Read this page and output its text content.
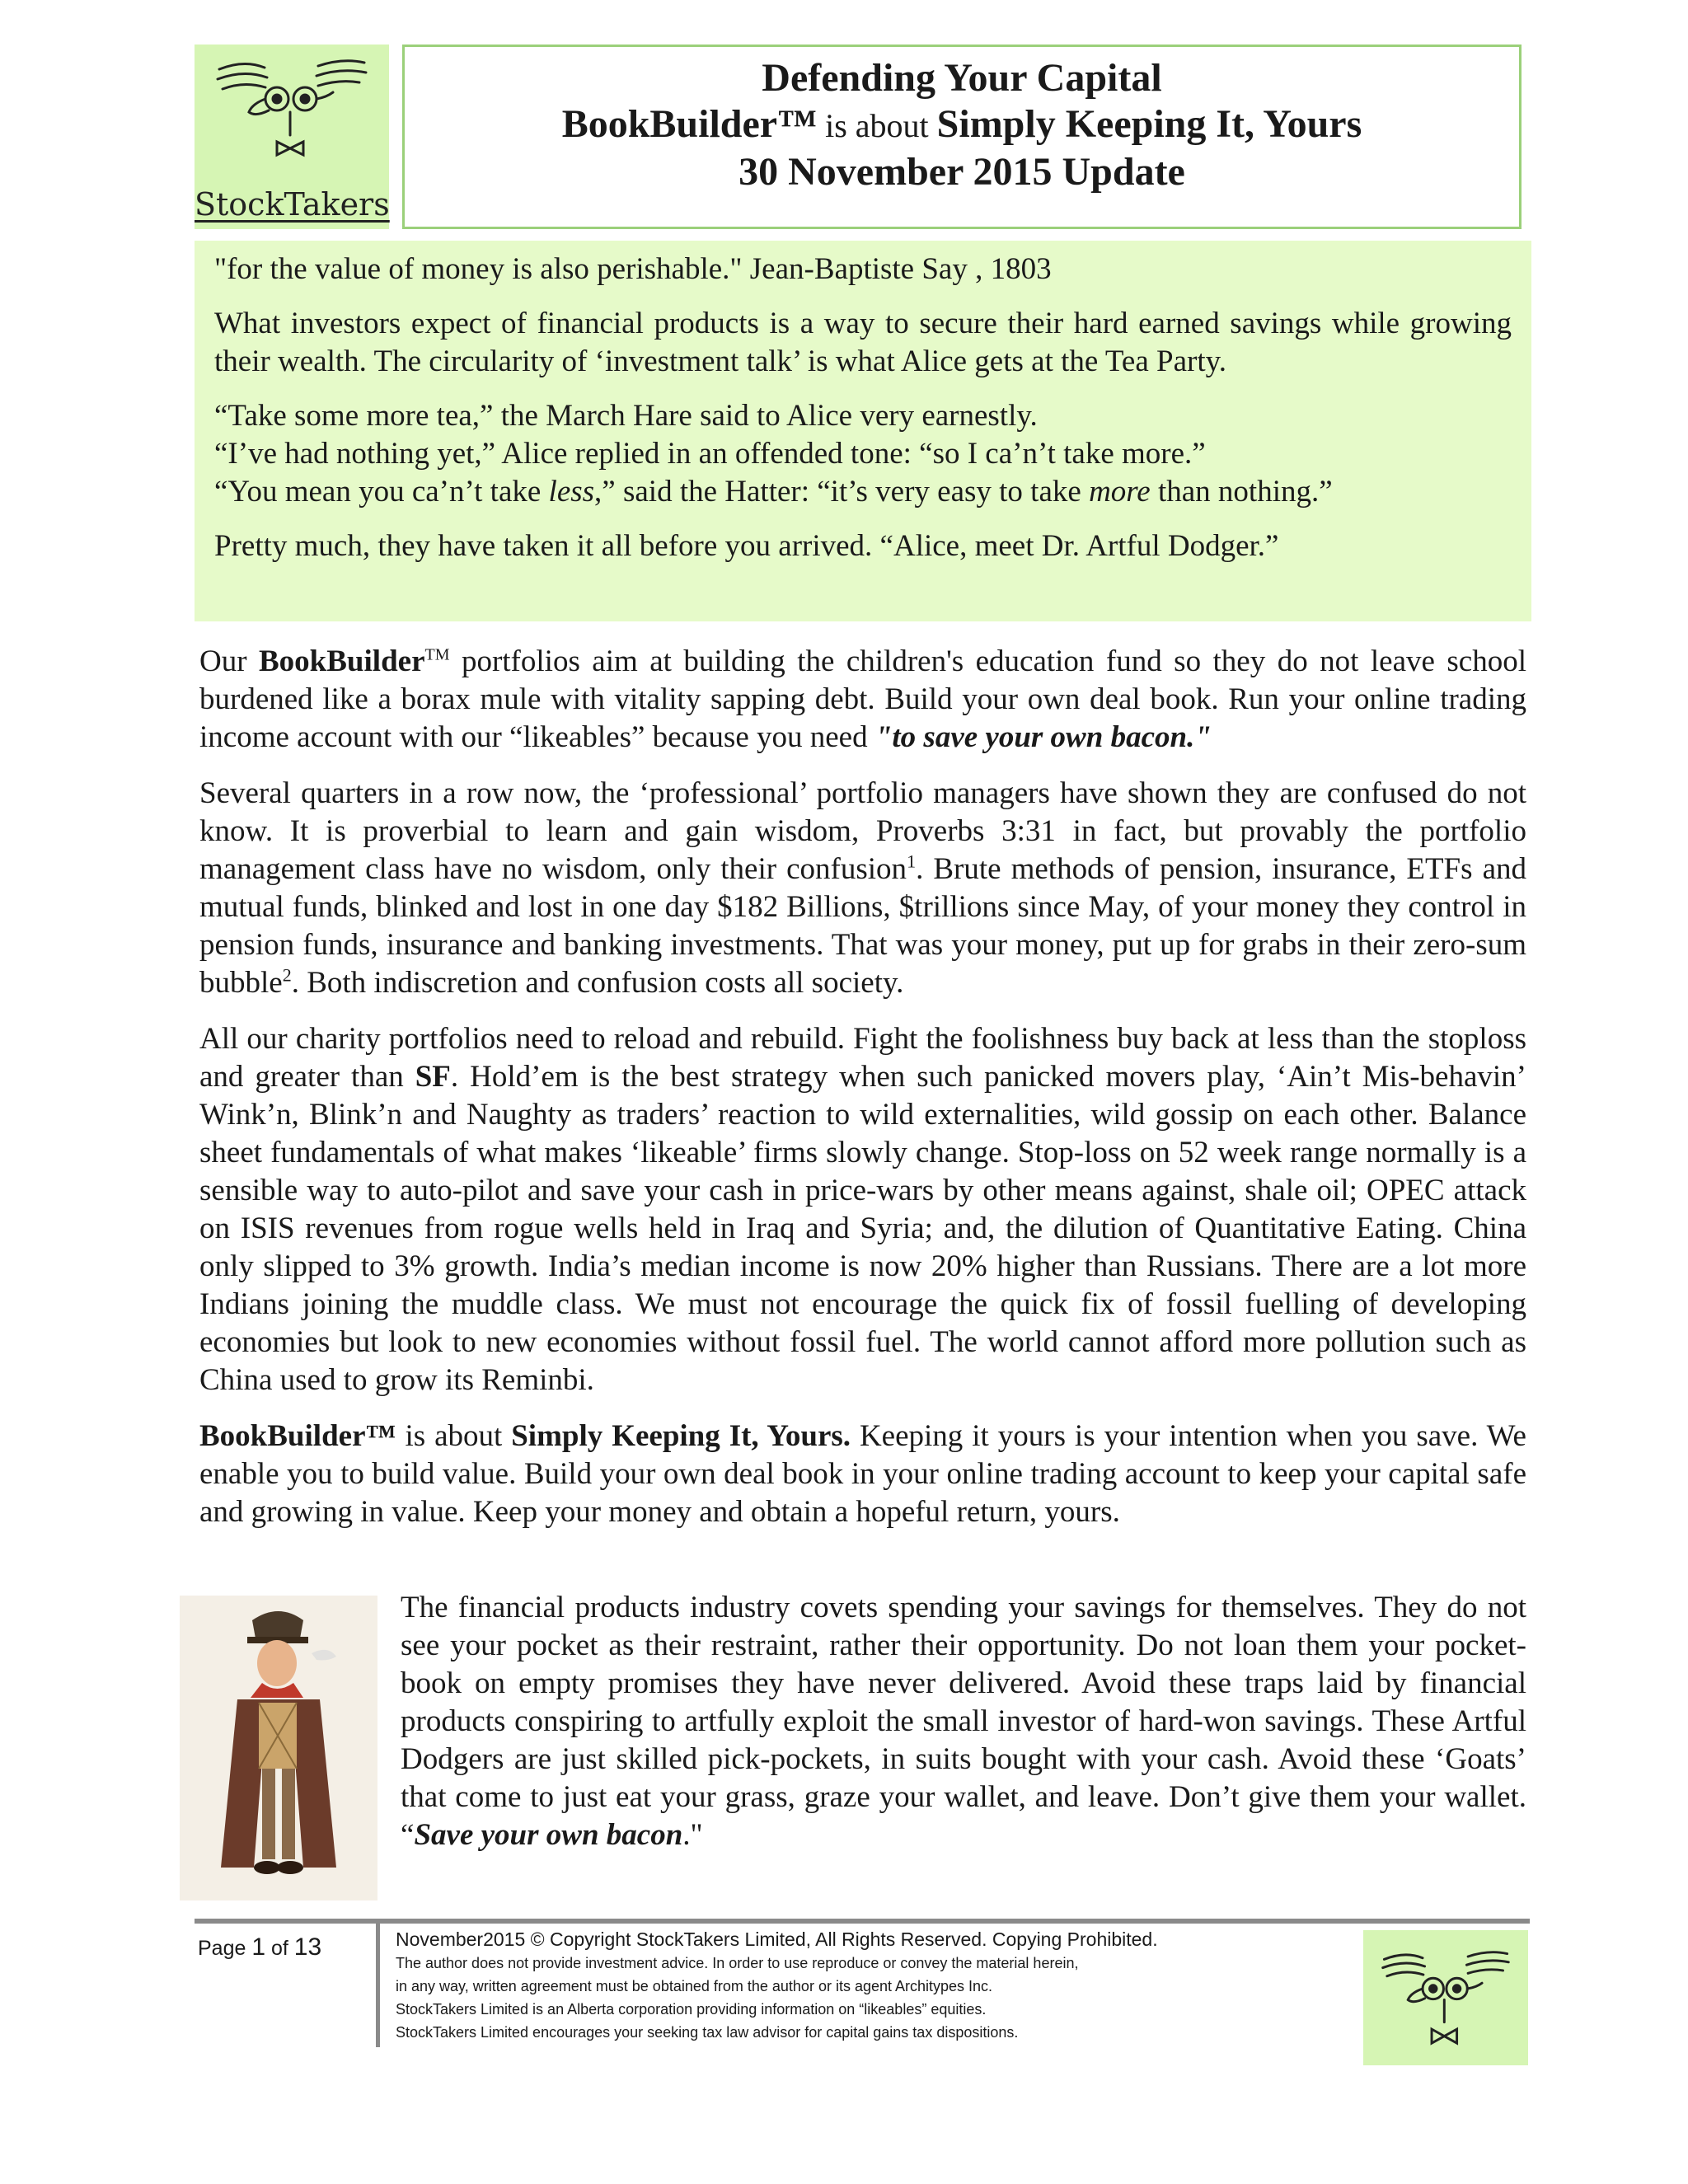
StockTakers
Defending Your Capital
BookBuilder™ is about Simply Keeping It, Yours
30 November 2015 Update

"for the value of money is also perishable." Jean-Baptiste Say , 1803

What investors expect of financial products is a way to secure their hard earned savings while growing their wealth. The circularity of ‘investment talk’ is what Alice gets at the Tea Party.

“Take some more tea,” the March Hare said to Alice very earnestly.
“I’ve had nothing yet,” Alice replied in an offended tone: “so I ca’n’t take more.”
“You mean you ca’n’t take less,” said the Hatter: “it’s very easy to take more than nothing.”

Pretty much, they have taken it all before you arrived. “Alice, meet Dr. Artful Dodger.”

Our BookBuilder™ portfolios aim at building the children's education fund so they do not leave school burdened like a borax mule with vitality sapping debt. Build your own deal book. Run your online trading income account with our “likeables” because you need "to save your own bacon."

Several quarters in a row now, the ‘professional’ portfolio managers have shown they are confused do not know. It is proverbial to learn and gain wisdom, Proverbs 3:31 in fact, but provably the portfolio management class have no wisdom, only their confusion$^1$. Brute methods of pension, insurance, ETFs and mutual funds, blinked and lost in one day $182 Billions, $trillions since May, of your money they control in pension funds, insurance and banking investments. That was your money, put up for grabs in their zero-sum bubble$^2$. Both indiscretion and confusion costs all society.

All our charity portfolios need to reload and rebuild. Fight the foolishness buy back at less than the stoploss and greater than SF. Hold’em is the best strategy when such panicked movers play, ‘Ain’t Mis-behavin’ Wink’n, Blink’n and Naughty as traders’ reaction to wild externalities, wild gossip on each other. Balance sheet fundamentals of what makes ‘likeable’ firms slowly change. Stop-loss on 52 week range normally is a sensible way to auto-pilot and save your cash in price-wars by other means against, shale oil; OPEC attack on ISIS revenues from rogue wells held in Iraq and Syria; and, the dilution of Quantitative Eating. China only slipped to 3% growth. India’s median income is now 20% higher than Russians. There are a lot more Indians joining the muddle class. We must not encourage the quick fix of fossil fuelling of developing economies but look to new economies without fossil fuel. The world cannot afford more pollution such as China used to grow its Reminbi.

BookBuilder™ is about Simply Keeping It, Yours. Keeping it yours is your intention when you save. We enable you to build value. Build your own deal book in your online trading account to keep your capital safe and growing in value. Keep your money and obtain a hopeful return, yours.

The financial products industry covets spending your savings for themselves. They do not see your pocket as their restraint, rather their opportunity. Do not loan them your pocket-book on empty promises they have never delivered. Avoid these traps laid by financial products conspiring to artfully exploit the small investor of hard-won savings. These Artful Dodgers are just skilled pick-pockets, in suits bought with your cash. Avoid these ‘Goats’ that come to just eat your grass, graze your wallet, and leave. Don’t give them your wallet. “Save your own bacon."
Page 1 of 13	November2015 © Copyright StockTakers Limited, All Rights Reserved. Copying Prohibited.
The author does not provide investment advice. In order to use reproduce or convey the material herein,
in any way, written agreement must be obtained from the author or its agent Architypes Inc.
StockTakers Limited is an Alberta corporation providing information on “likeables” equities.
StockTakers Limited encourages your seeking tax law advisor for capital gains tax dispositions.
